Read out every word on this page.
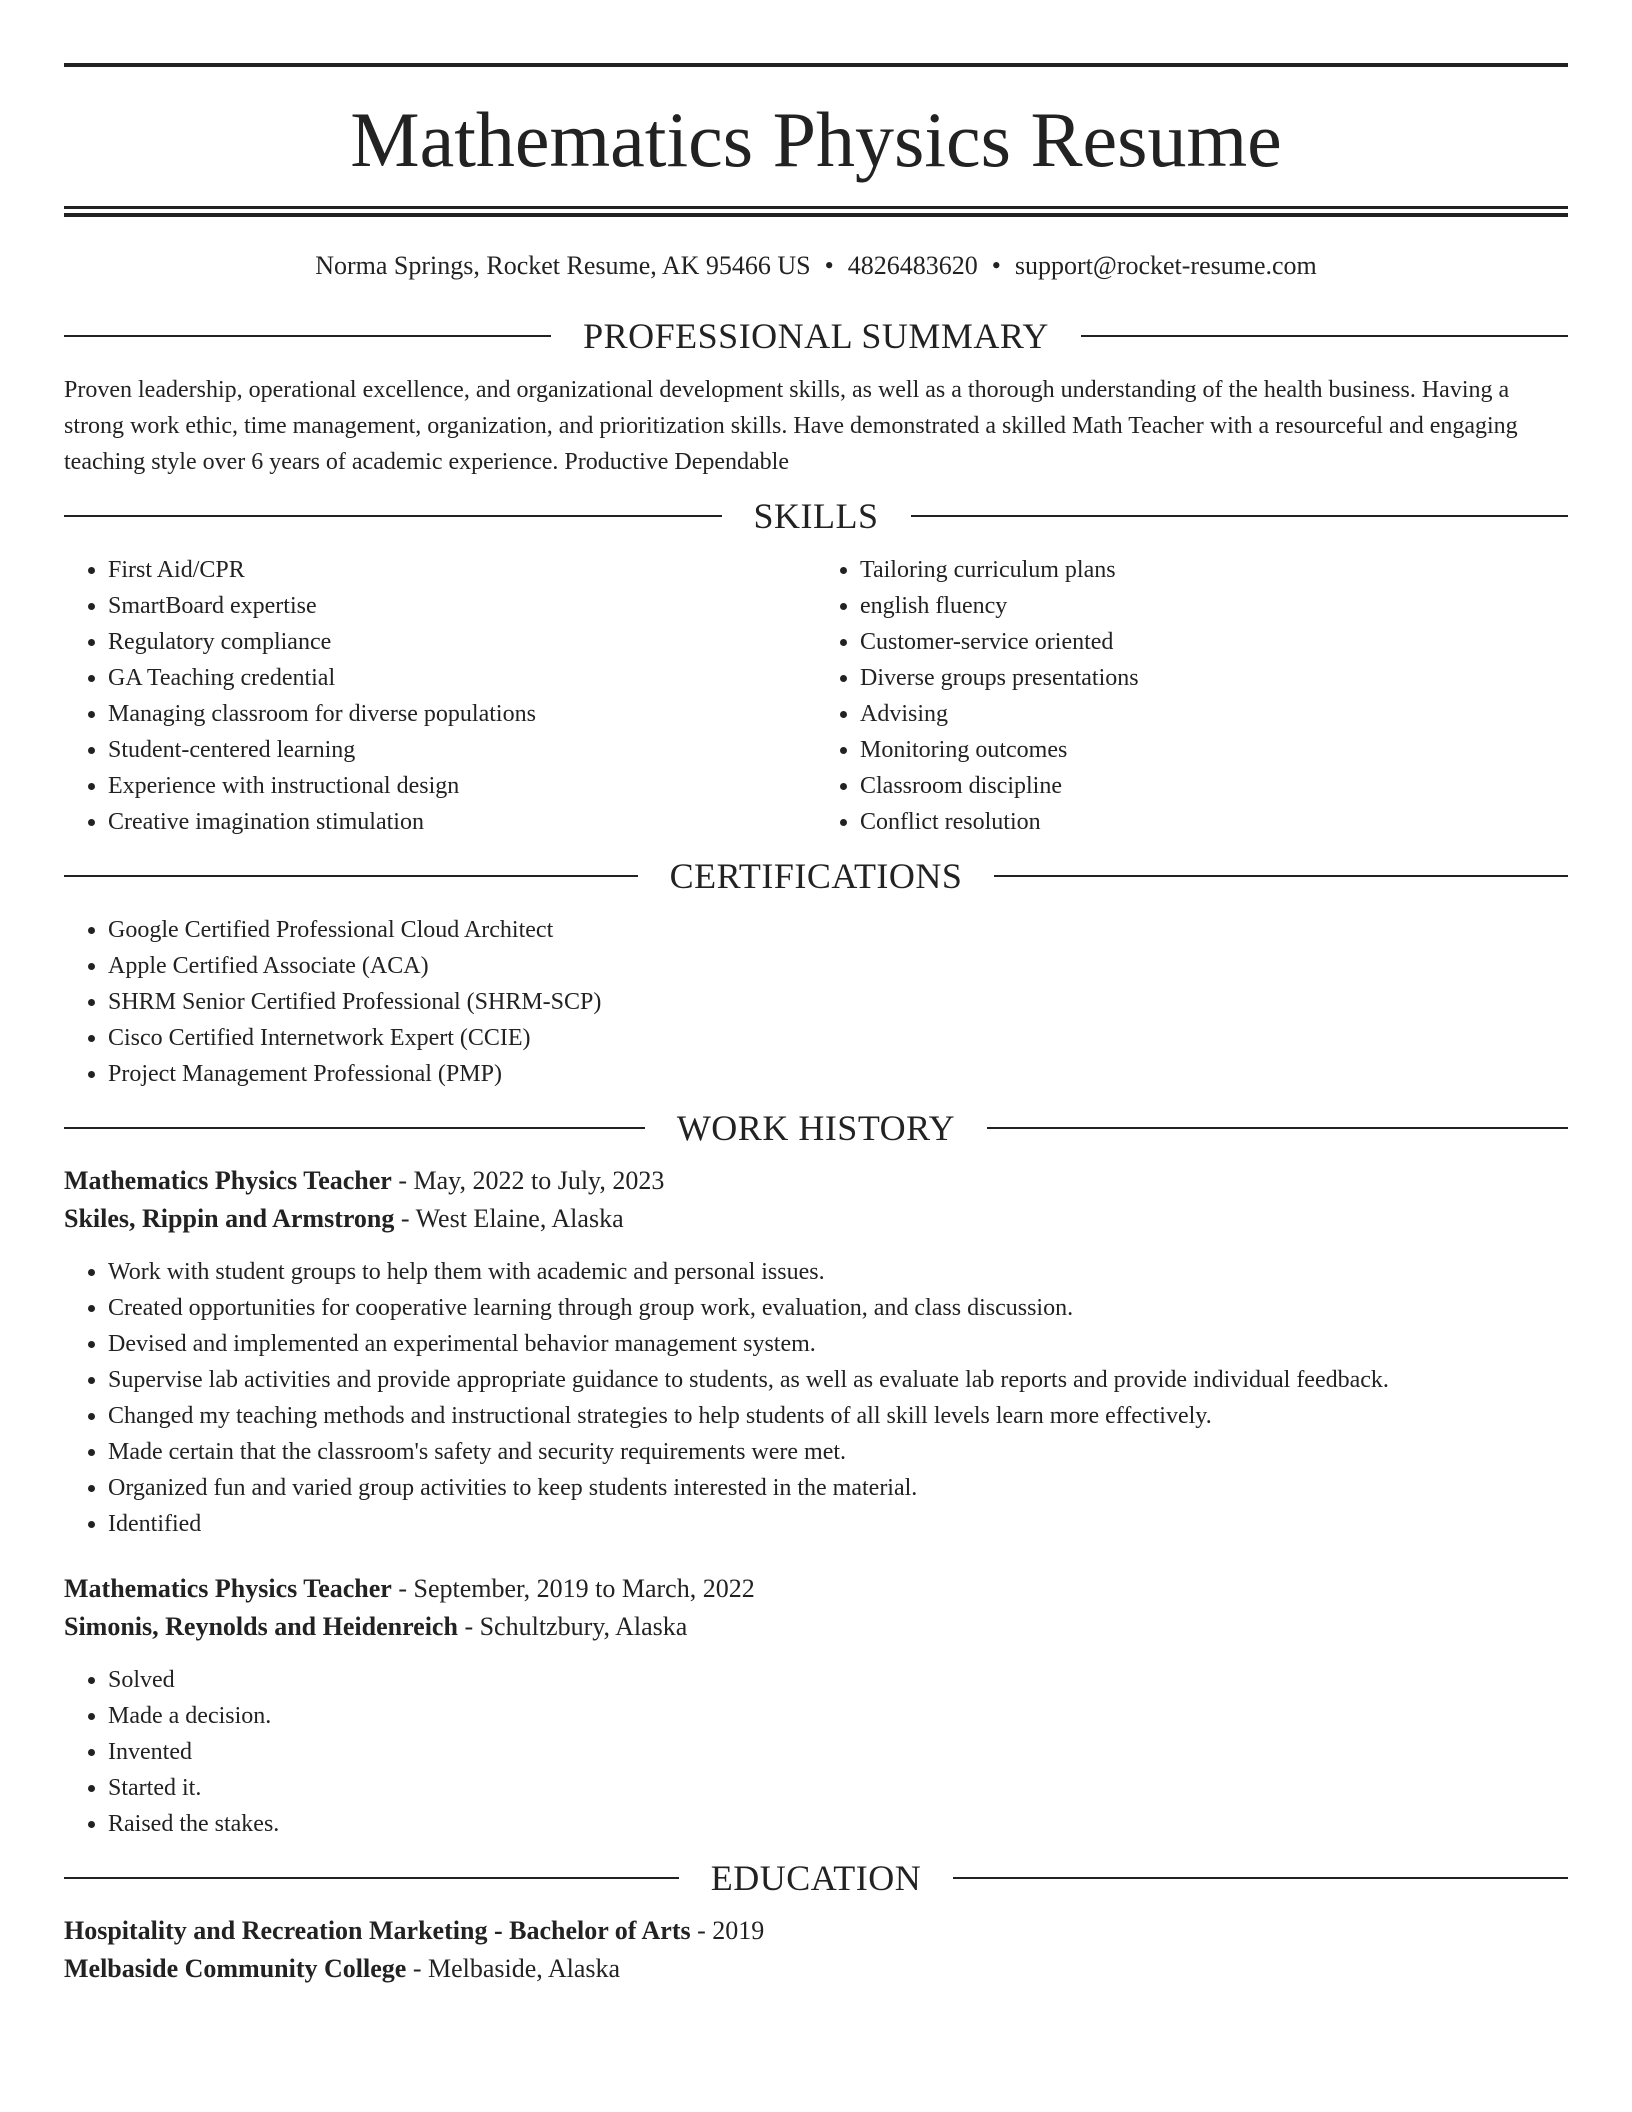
Mathematics Physics Resume
Norma Springs, Rocket Resume, AK 95466 US • 4826483620 • support@rocket-resume.com
PROFESSIONAL SUMMARY
Proven leadership, operational excellence, and organizational development skills, as well as a thorough understanding of the health business. Having a strong work ethic, time management, organization, and prioritization skills. Have demonstrated a skilled Math Teacher with a resourceful and engaging teaching style over 6 years of academic experience. Productive Dependable
SKILLS
• First Aid/CPR
• SmartBoard expertise
• Regulatory compliance
• GA Teaching credential
• Managing classroom for diverse populations
• Student-centered learning
• Experience with instructional design
• Creative imagination stimulation
• Tailoring curriculum plans
• english fluency
• Customer-service oriented
• Diverse groups presentations
• Advising
• Monitoring outcomes
• Classroom discipline
• Conflict resolution
CERTIFICATIONS
• Google Certified Professional Cloud Architect
• Apple Certified Associate (ACA)
• SHRM Senior Certified Professional (SHRM-SCP)
• Cisco Certified Internetwork Expert (CCIE)
• Project Management Professional (PMP)
WORK HISTORY
Mathematics Physics Teacher - May, 2022 to July, 2023
Skiles, Rippin and Armstrong - West Elaine, Alaska
• Work with student groups to help them with academic and personal issues.
• Created opportunities for cooperative learning through group work, evaluation, and class discussion.
• Devised and implemented an experimental behavior management system.
• Supervise lab activities and provide appropriate guidance to students, as well as evaluate lab reports and provide individual feedback.
• Changed my teaching methods and instructional strategies to help students of all skill levels learn more effectively.
• Made certain that the classroom's safety and security requirements were met.
• Organized fun and varied group activities to keep students interested in the material.
• Identified
Mathematics Physics Teacher - September, 2019 to March, 2022
Simonis, Reynolds and Heidenreich - Schultzbury, Alaska
• Solved
• Made a decision.
• Invented
• Started it.
• Raised the stakes.
EDUCATION
Hospitality and Recreation Marketing - Bachelor of Arts - 2019
Melbaside Community College - Melbaside, Alaska
